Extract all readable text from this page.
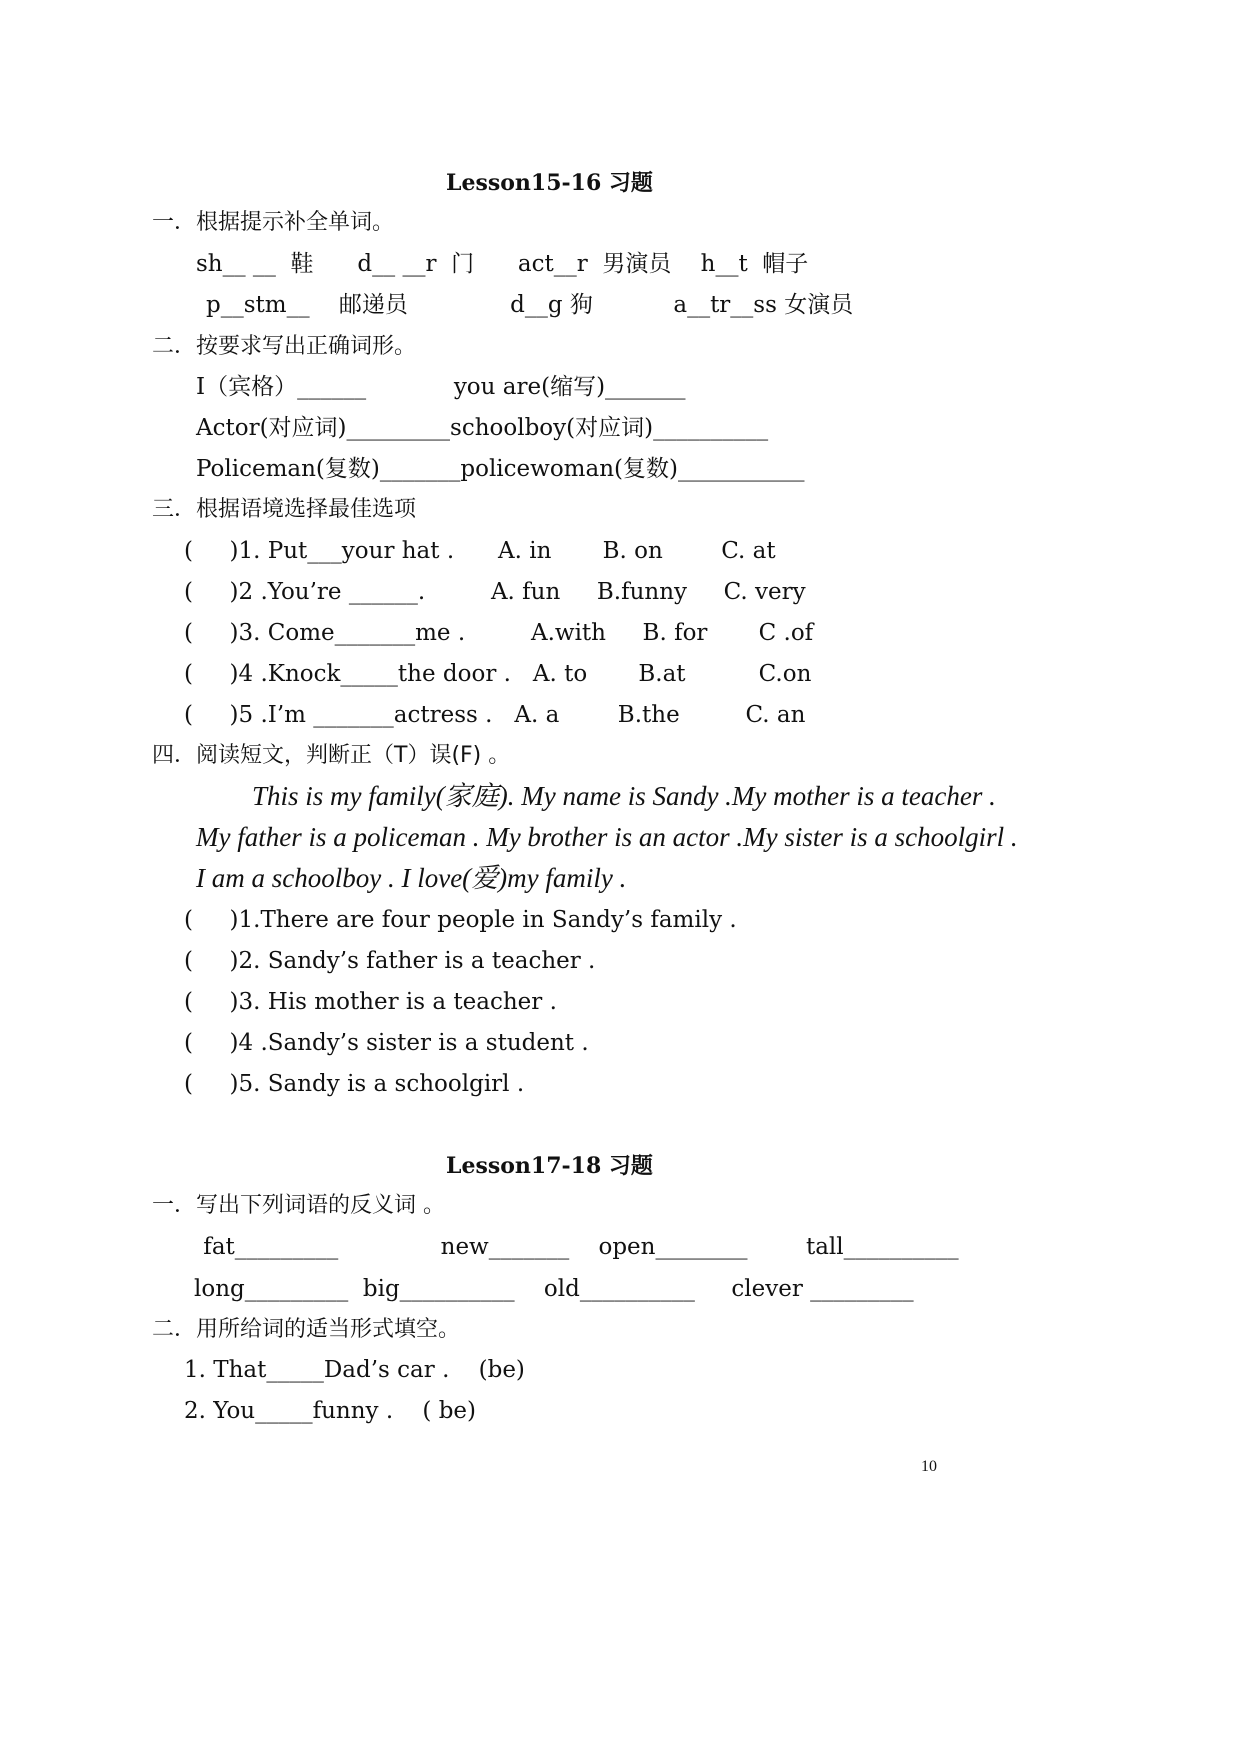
Lesson15-16 习题
一．根据提示补全单词。
sh__ __  鞋      d__ __r  门      act__r  男演员    h__t  帽子
p__stm__    邮递员              d__g 狗           a__tr__ss 女演员
二．按要求写出正确词形。
I（宾格）______            you are(缩写)_______
Actor(对应词)_________schoolboy(对应词)__________
Policeman(复数)_______policewoman(复数)___________
三．根据语境选择最佳选项
(     )1. Put___your hat .      A. in       B. on        C. at
(     )2 .You’re ______.         A. fun     B.funny     C. very
(     )3. Come_______me .         A.with     B. for       C .of
(     )4 .Knock_____the door .   A. to       B.at          C.on
(     )5 .I’m _______actress .   A. a        B.the         C. an
四．阅读短文，判断正（T）误(F) 。
This is my family(家庭). My name is Sandy .My mother is a teacher .
My father is a policeman . My brother is an actor .My sister is a schoolgirl .
I am a schoolboy . I love(爱)my family .
(     )1.There are four people in Sandy’s family .
(     )2. Sandy’s father is a teacher .
(     )3. His mother is a teacher .
(     )4 .Sandy’s sister is a student .
(     )5. Sandy is a schoolgirl .
Lesson17-18 习题
一．写出下列词语的反义词 。
fat_________              new_______    open________        tall__________
long_________  big__________    old__________     clever _________
二．用所给词的适当形式填空。
1. That_____Dad’s car .    (be)
2. You_____funny .    ( be)
10
